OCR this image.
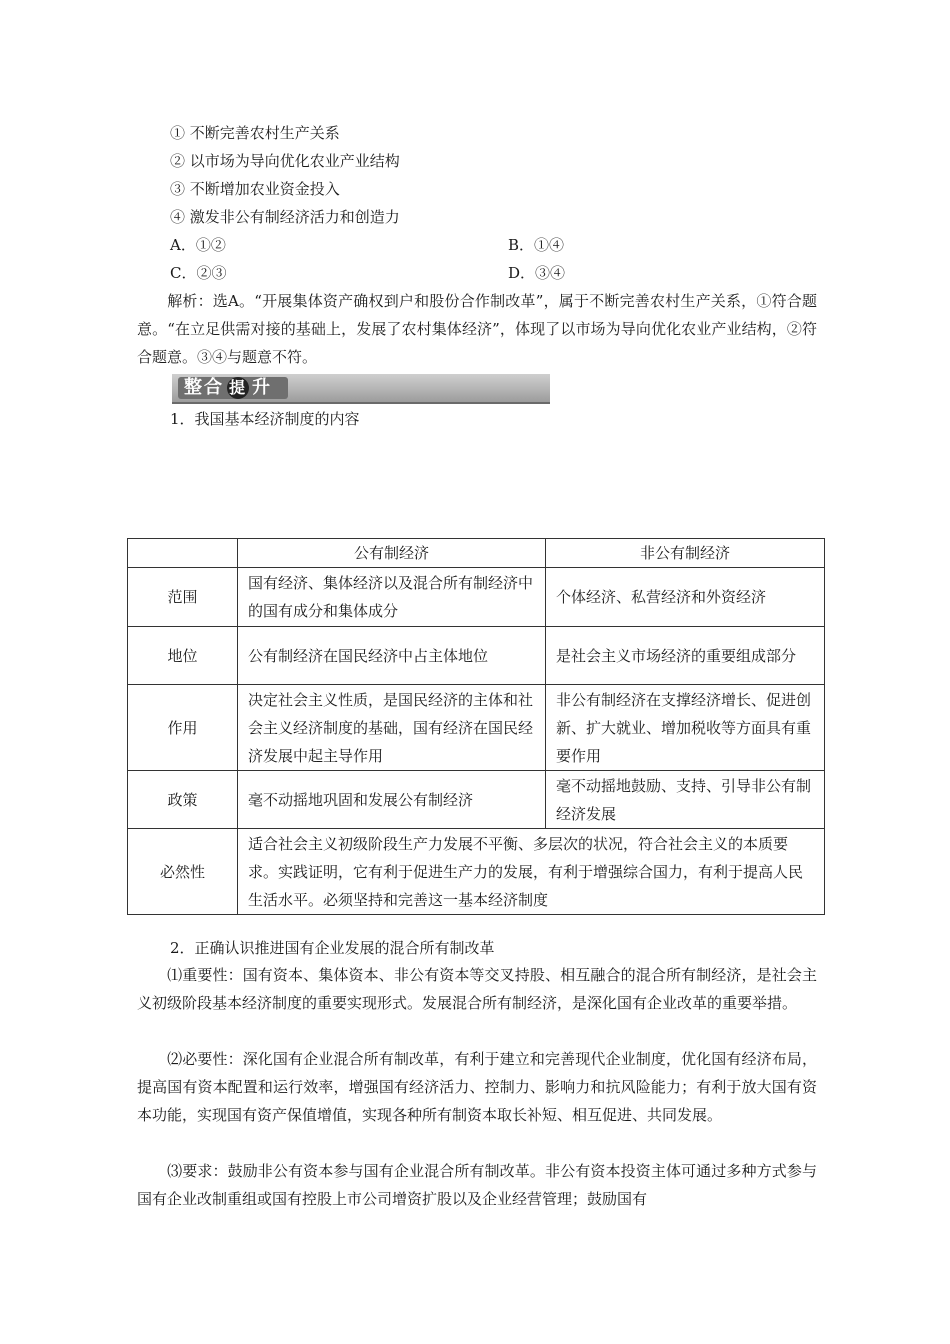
① 不断完善农村生产关系
② 以市场为导向优化农业产业结构
③ 不断增加农业资金投入
④ 激发非公有制经济活力和创造力
A．①②	B．①④
C．②③	D．③④
解析：选A。“开展集体资产确权到户和股份合作制改革”，属于不断完善农村生产关系，①符合题意。“在立足供需对接的基础上，发展了农村集体经济”，体现了以市场为导向优化农业产业结构，②符合题意。③④与题意不符。
整合 提 升
1．我国基本经济制度的内容
	公有制经济	非公有制经济
范围	国有经济、集体经济以及混合所有制经济中的国有成分和集体成分	个体经济、私营经济和外资经济
地位	公有制经济在国民经济中占主体地位	是社会主义市场经济的重要组成部分
作用	决定社会主义性质，是国民经济的主体和社会主义经济制度的基础，国有经济在国民经济发展中起主导作用	非公有制经济在支撑经济增长、促进创新、扩大就业、增加税收等方面具有重要作用
政策	毫不动摇地巩固和发展公有制经济	毫不动摇地鼓励、支持、引导非公有制经济发展
必然性	适合社会主义初级阶段生产力发展不平衡、多层次的状况，符合社会主义的本质要求。实践证明，它有利于促进生产力的发展，有利于增强综合国力，有利于提高人民生活水平。必须坚持和完善这一基本经济制度	
2．正确认识推进国有企业发展的混合所有制改革
⑴重要性：国有资本、集体资本、非公有资本等交叉持股、相互融合的混合所有制经济，是社会主义初级阶段基本经济制度的重要实现形式。发展混合所有制经济，是深化国有企业改革的重要举措。
⑵必要性：深化国有企业混合所有制改革，有利于建立和完善现代企业制度，优化国有经济布局，提高国有资本配置和运行效率，增强国有经济活力、控制力、影响力和抗风险能力；有利于放大国有资本功能，实现国有资产保值增值，实现各种所有制资本取长补短、相互促进、共同发展。
⑶要求：鼓励非公有资本参与国有企业混合所有制改革。非公有资本投资主体可通过多种方式参与国有企业改制重组或国有控股上市公司增资扩股以及企业经营管理；鼓励国有
